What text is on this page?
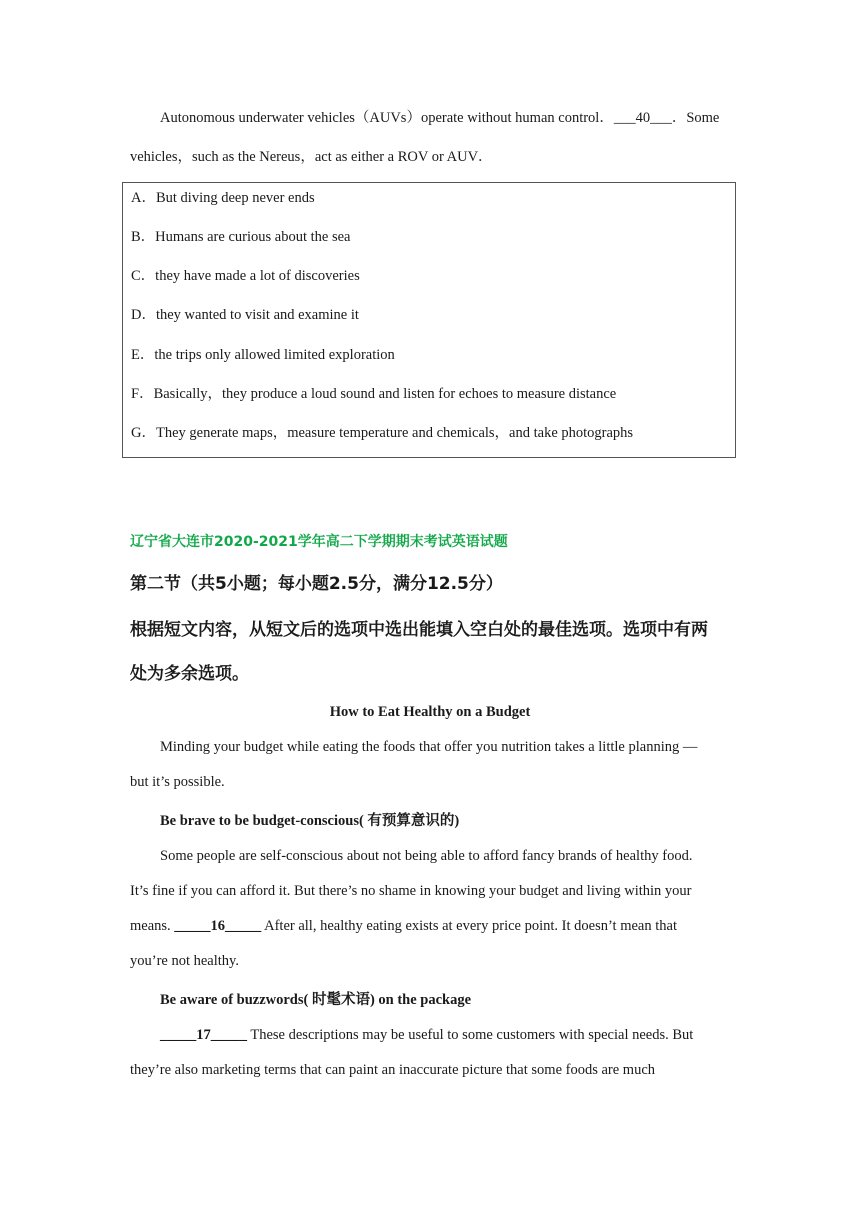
Autonomous underwater vehicles（AUVs）operate without human control．___40___．Some
vehicles，such as the Nereus，act as either a ROV or AUV．
A．But diving deep never ends
B．Humans are curious about the sea
C．they have made a lot of discoveries
D．they wanted to visit and examine it
E．the trips only allowed limited exploration
F．Basically，they produce a loud sound and listen for echoes to measure distance
G．They generate maps，measure temperature and chemicals，and take photographs
辽宁省大连市2020-2021学年高二下学期期末考试英语试题
第二节（共5小题；每小题2.5分，满分12.5分）
根据短文内容，从短文后的选项中选出能填入空白处的最佳选项。选项中有两
处为多余选项。
How to Eat Healthy on a Budget
Minding your budget while eating the foods that offer you nutrition takes a little planning —
but it’s possible.
Be brave to be budget-conscious( 有预算意识的)
Some people are self-conscious about not being able to afford fancy brands of healthy food.
It’s fine if you can afford it. But there’s no shame in knowing your budget and living within your
means. _____16_____ After all, healthy eating exists at every price point. It doesn’t mean that
you’re not healthy.
Be aware of buzzwords( 时髦术语) on the package
_____17_____ These descriptions may be useful to some customers with special needs. But
they’re also marketing terms that can paint an inaccurate picture that some foods are much
